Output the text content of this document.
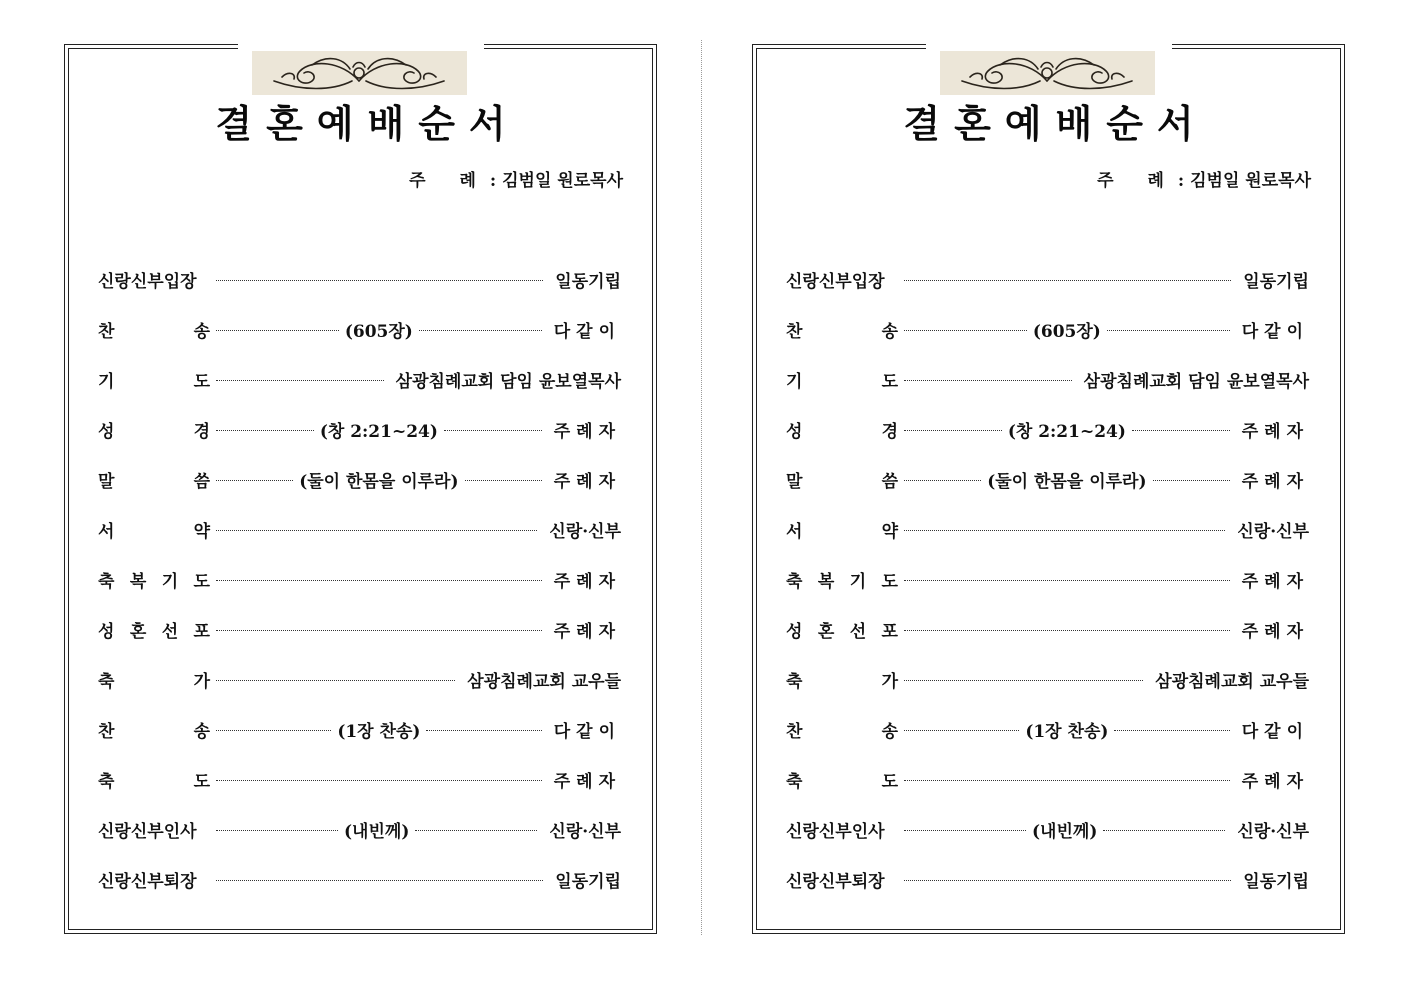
결혼예배순서
주 례: 김범일 원로목사
신랑신부입장	일동기립
찬	송	(605장)	다같이
기	도	삼광침례교회 담임 윤보열목사
성	경	(창 2:21~24)	주례자
말	씀	(둘이 한몸을 이루라)	주례자
서	약	신랑·신부
축 복 기 도	주례자
성 혼 선 포	주례자
축	가	삼광침례교회 교우들
찬	송	(1장 찬송)	다같이
축	도	주례자
신랑신부인사	(내빈께)	신랑·신부
신랑신부퇴장	일동기립
결혼예배순서
주 례: 김범일 원로목사
신랑신부입장	일동기립
찬	송	(605장)	다같이
기	도	삼광침례교회 담임 윤보열목사
성	경	(창 2:21~24)	주례자
말	씀	(둘이 한몸을 이루라)	주례자
서	약	신랑·신부
축 복 기 도	주례자
성 혼 선 포	주례자
축	가	삼광침례교회 교우들
찬	송	(1장 찬송)	다같이
축	도	주례자
신랑신부인사	(내빈께)	신랑·신부
신랑신부퇴장	일동기립
